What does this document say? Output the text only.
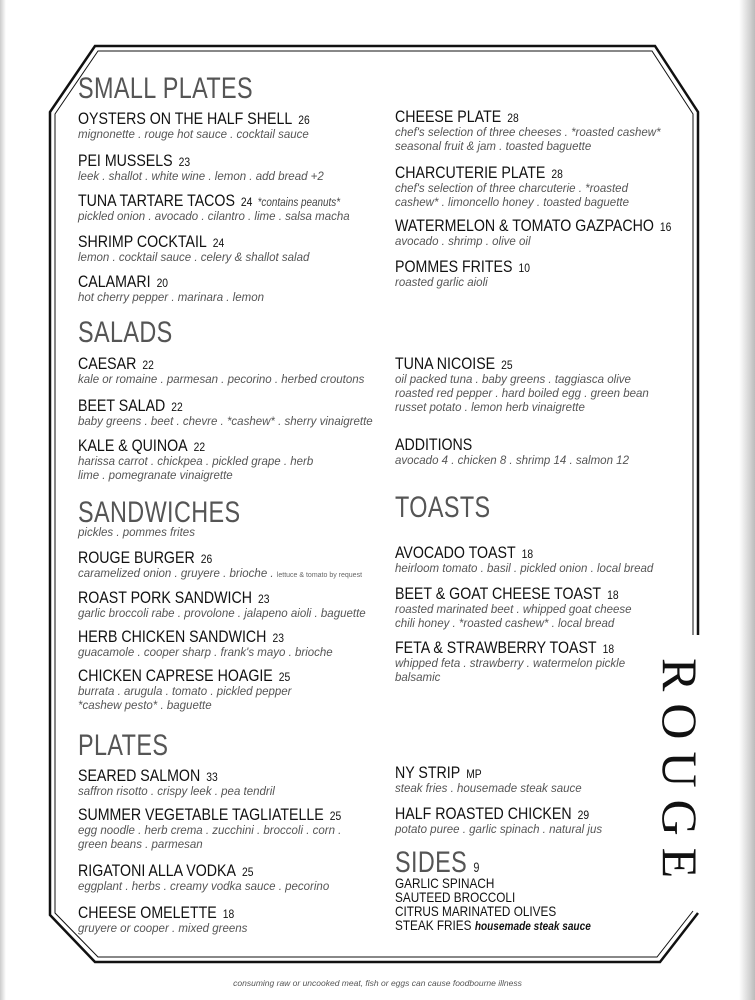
SMALL PLATES
OYSTERS ON THE HALF SHELL 26
mignonette . rouge hot sauce . cocktail sauce
PEI MUSSELS 23
leek . shallot . white wine . lemon . add bread +2
TUNA TARTARE TACOS 24 *contains peanuts*
pickled onion . avocado . cilantro . lime . salsa macha
SHRIMP COCKTAIL 24
lemon . cocktail sauce . celery & shallot salad
CALAMARI 20
hot cherry pepper . marinara . lemon
CHEESE PLATE 28
chef's selection of three cheeses . *roasted cashew*
seasonal fruit & jam . toasted baguette
CHARCUTERIE PLATE 28
chef's selection of three charcuterie . *roasted
cashew* . limoncello honey . toasted baguette
WATERMELON & TOMATO GAZPACHO 16
avocado . shrimp . olive oil
POMMES FRITES 10
roasted garlic aioli
SALADS
CAESAR 22
kale or romaine . parmesan . pecorino . herbed croutons
BEET SALAD 22
baby greens . beet . chevre . *cashew* . sherry vinaigrette
KALE & QUINOA 22
harissa carrot . chickpea . pickled grape . herb
lime . pomegranate vinaigrette
TUNA NICOISE 25
oil packed tuna . baby greens . taggiasca olive
roasted red pepper . hard boiled egg . green bean
russet potato . lemon herb vinaigrette
ADDITIONS
avocado 4 . chicken 8 . shrimp 14 . salmon 12
SANDWICHES
pickles . pommes frites
ROUGE BURGER 26
caramelized onion . gruyere . brioche . lettuce & tomato by request
ROAST PORK SANDWICH 23
garlic broccoli rabe . provolone . jalapeno aioli . baguette
HERB CHICKEN SANDWICH 23
guacamole . cooper sharp . frank's mayo . brioche
CHICKEN CAPRESE HOAGIE 25
burrata . arugula . tomato . pickled pepper
*cashew pesto* . baguette
TOASTS
AVOCADO TOAST 18
heirloom tomato . basil . pickled onion . local bread
BEET & GOAT CHEESE TOAST 18
roasted marinated beet . whipped goat cheese
chili honey . *roasted cashew* . local bread
FETA & STRAWBERRY TOAST 18
whipped feta . strawberry . watermelon pickle
balsamic
PLATES
SEARED SALMON 33
saffron risotto . crispy leek . pea tendril
SUMMER VEGETABLE TAGLIATELLE 25
egg noodle . herb crema . zucchini . broccoli . corn .
green beans . parmesan
RIGATONI ALLA VODKA 25
eggplant . herbs . creamy vodka sauce . pecorino
CHEESE OMELETTE 18
gruyere or cooper . mixed greens
NY STRIP MP
steak fries . housemade steak sauce
HALF ROASTED CHICKEN 29
potato puree . garlic spinach . natural jus
SIDES 9
GARLIC SPINACH
SAUTEED BROCCOLI
CITRUS MARINATED OLIVES
STEAK FRIES housemade steak sauce
ROUGE
consuming raw or uncooked meat, fish or eggs can cause foodbourne illness
